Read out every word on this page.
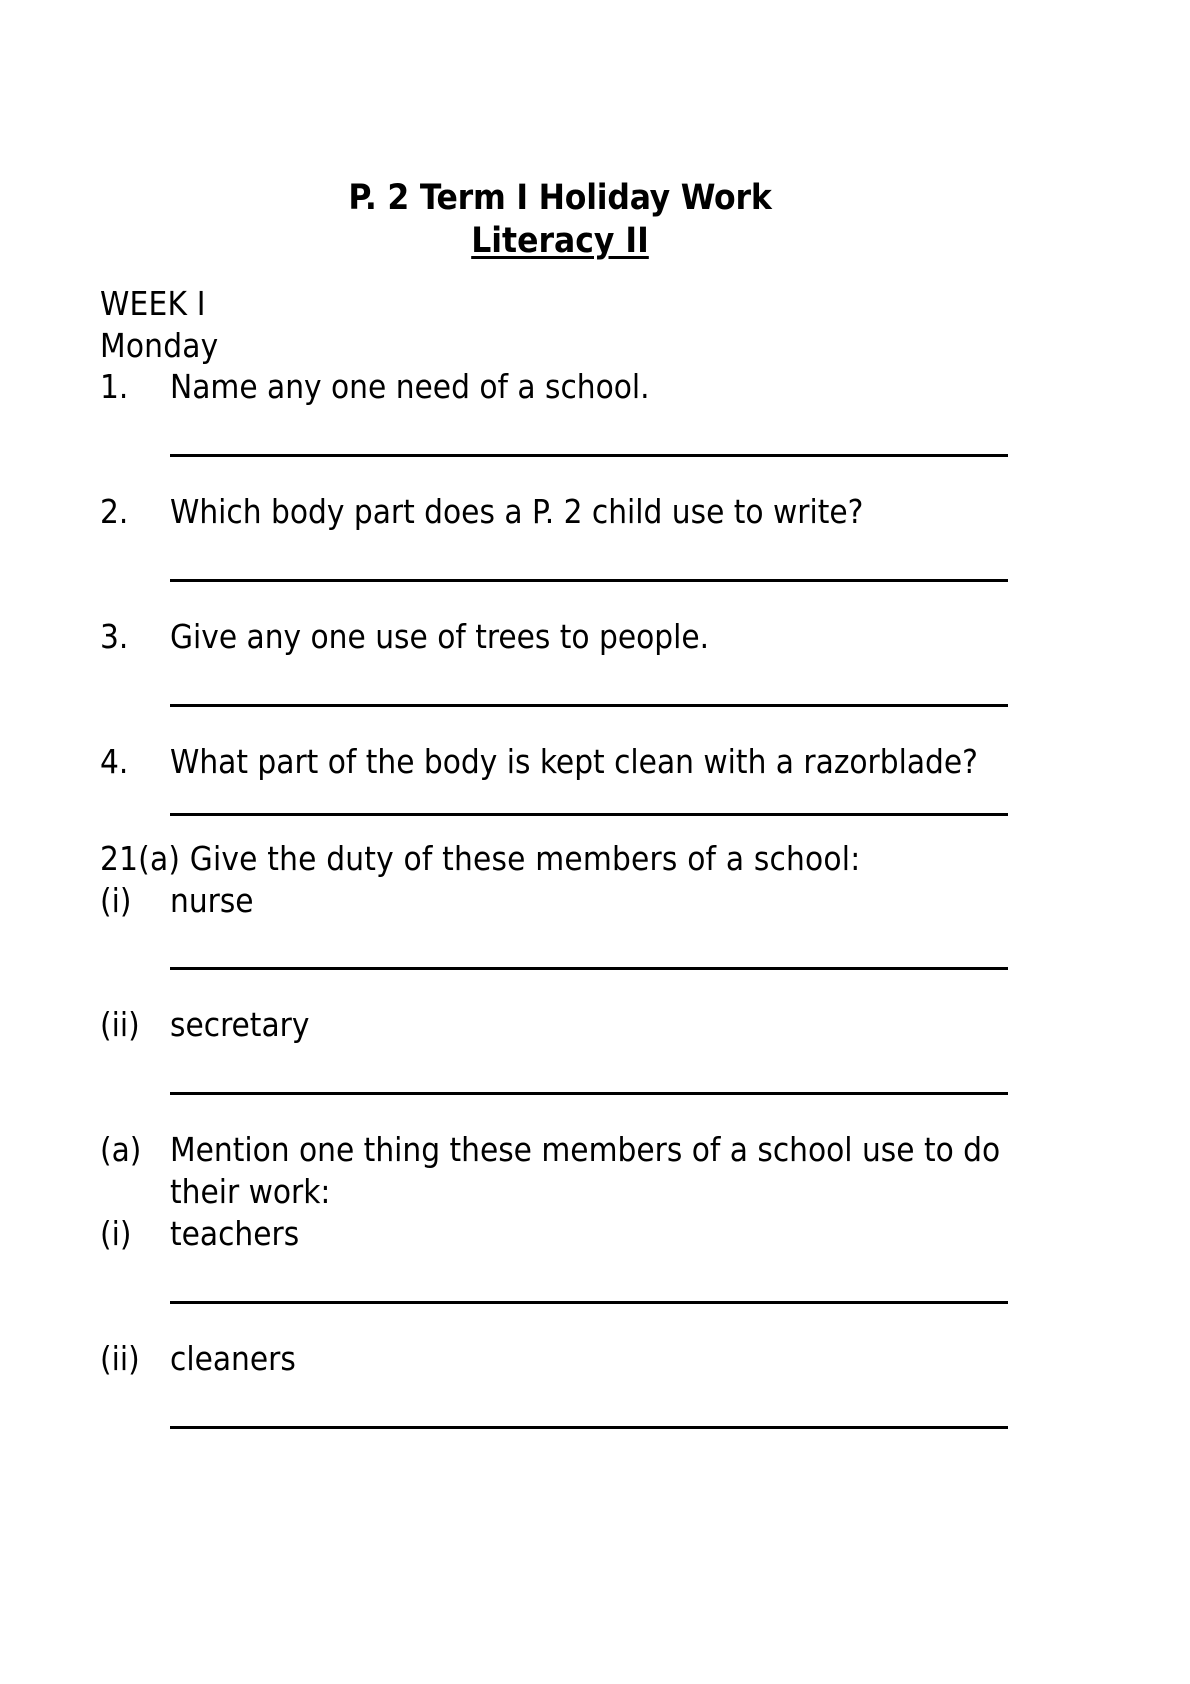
P. 2 Term I Holiday Work
Literacy II
WEEK I
Monday
1.	Name any one need of a school.
2.	Which body part does a P. 2 child use to write?
3.	Give any one use of trees to people.
4.	What part of the body is kept clean with a razorblade?
21(a) Give the duty of these members of a school:
(i)	nurse
(ii) secretary
(a) Mention one thing these members of a school use to do their work:
(i)	teachers
(ii) cleaners
